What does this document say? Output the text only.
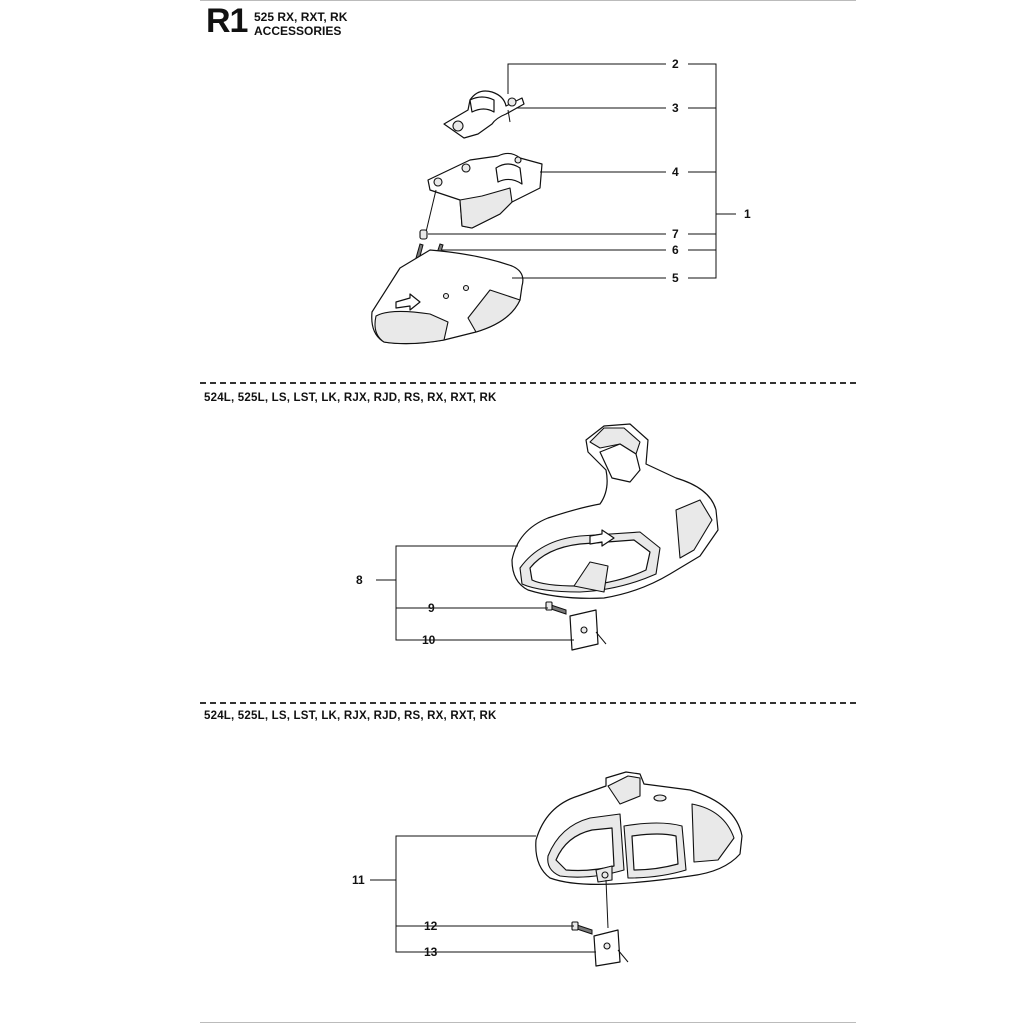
R1 525 RX, RXT, RK
ACCESSORIES
524L, 525L, LS, LST, LK, RJX, RJD, RS, RX, RXT, RK
524L, 525L, LS, LST, LK, RJX, RJD, RS, RX, RXT, RK
2
3
4
7
6
5
1
8
9
10
11
12
13
